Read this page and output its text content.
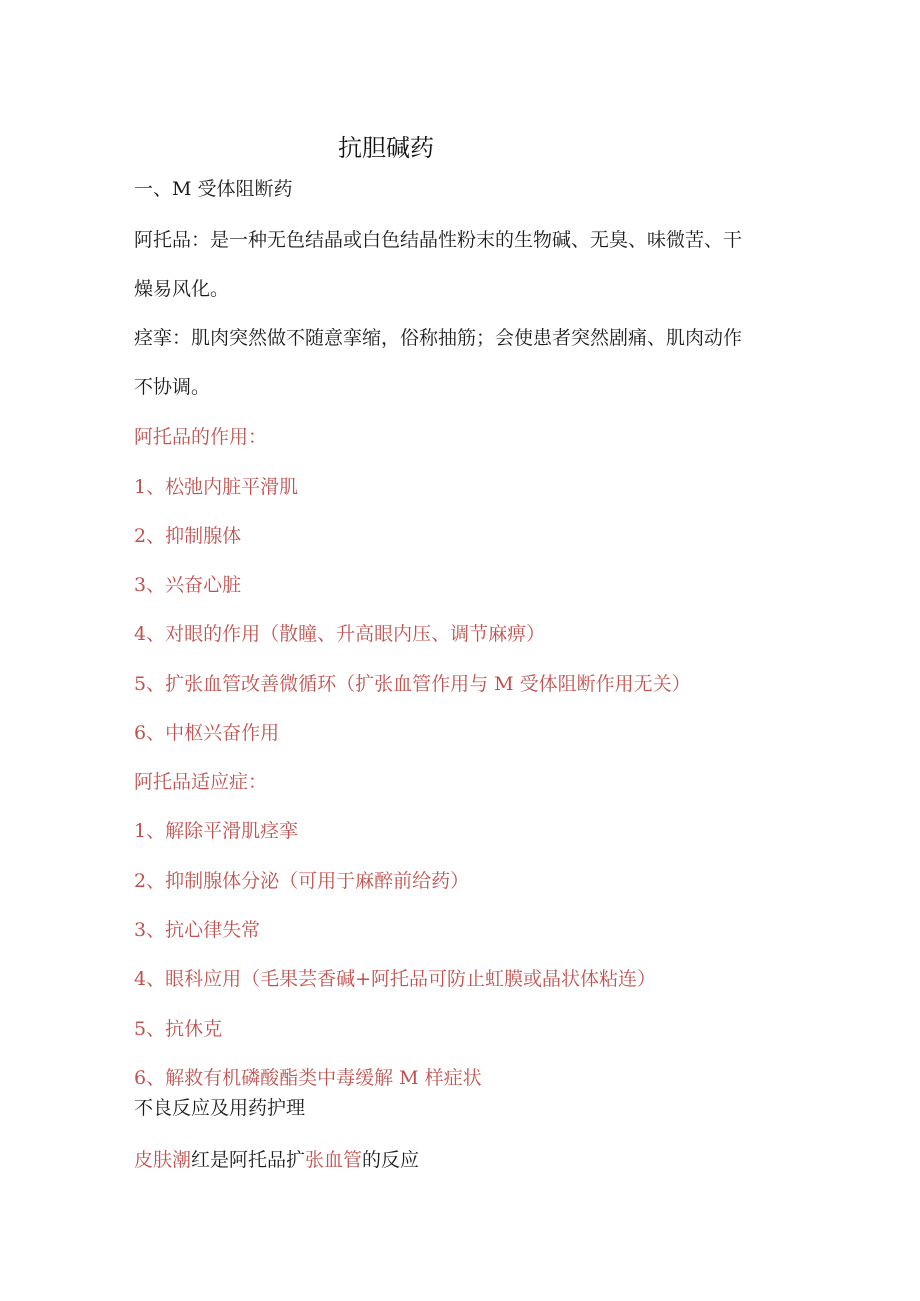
抗胆碱药
一、M 受体阻断药
阿托品：是一种无色结晶或白色结晶性粉末的生物碱、无臭、味微苦、干
燥易风化。
痉挛：肌肉突然做不随意挛缩，俗称抽筋；会使患者突然剧痛、肌肉动作
不协调。
阿托品的作用：
1、松弛内脏平滑肌
2、抑制腺体
3、兴奋心脏
4、对眼的作用（散瞳、升高眼内压、调节麻痹）
5、扩张血管改善微循环（扩张血管作用与 M 受体阻断作用无关）
6、中枢兴奋作用
阿托品适应症：
1、解除平滑肌痉挛
2、抑制腺体分泌（可用于麻醉前给药）
3、抗心律失常
4、眼科应用（毛果芸香碱+阿托品可防止虹膜或晶状体粘连）
5、抗休克
6、解救有机磷酸酯类中毒缓解 M 样症状
不良反应及用药护理
皮肤潮红是阿托品扩张血管的反应
